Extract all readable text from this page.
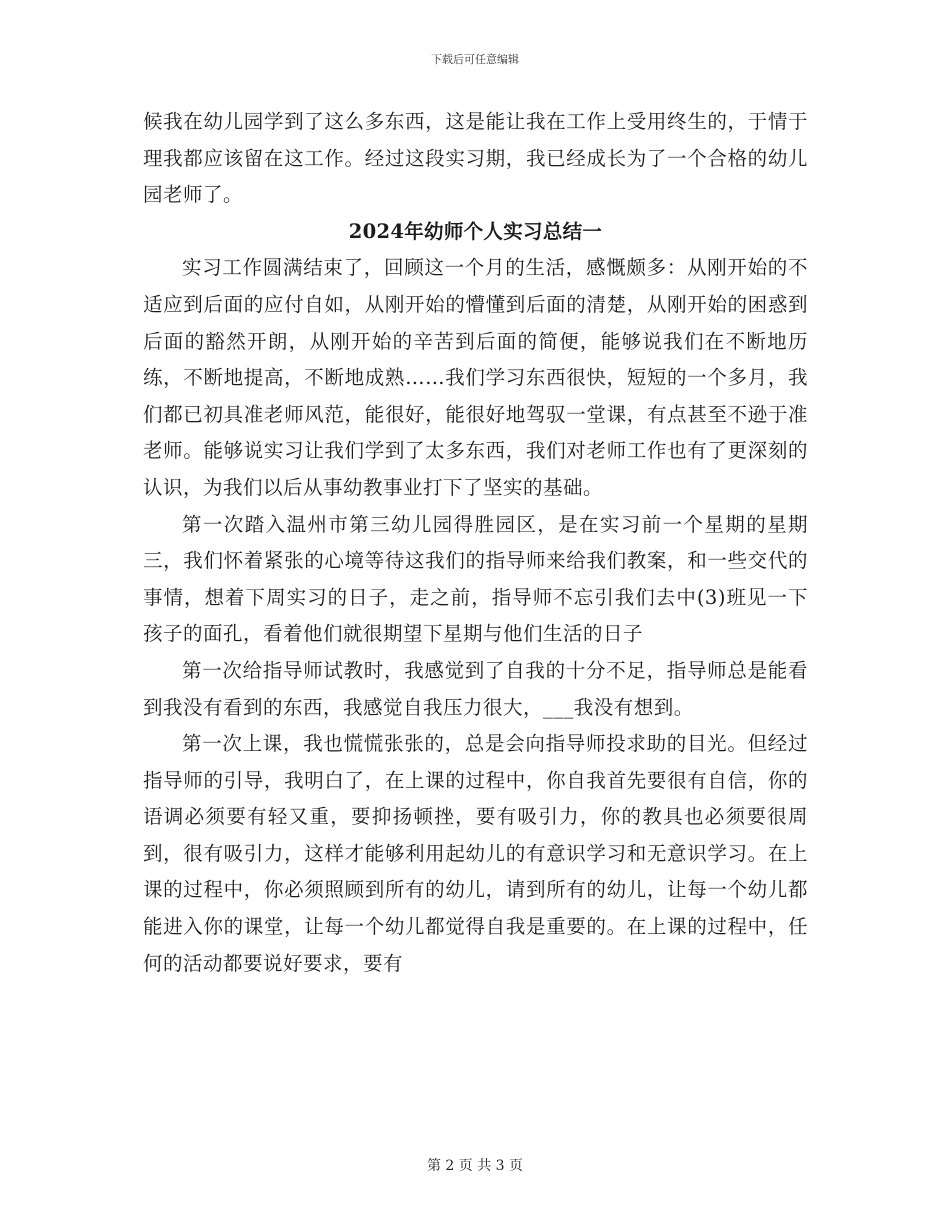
下载后可任意编辑

候我在幼儿园学到了这么多东西，这是能让我在工作上受用终生的，于情于理我都应该留在这工作。经过这段实习期，我已经成长为了一个合格的幼儿园老师了。

2024年幼师个人实习总结一

实习工作圆满结束了，回顾这一个月的生活，感慨颇多：从刚开始的不适应到后面的应付自如，从刚开始的懵懂到后面的清楚，从刚开始的困惑到后面的豁然开朗，从刚开始的辛苦到后面的简便，能够说我们在不断地历练，不断地提高，不断地成熟……我们学习东西很快，短短的一个多月，我们都已初具准老师风范，能很好，能很好地驾驭一堂课，有点甚至不逊于准老师。能够说实习让我们学到了太多东西，我们对老师工作也有了更深刻的认识，为我们以后从事幼教事业打下了坚实的基础。

第一次踏入温州市第三幼儿园得胜园区，是在实习前一个星期的星期三，我们怀着紧张的心境等待这我们的指导师来给我们教案，和一些交代的事情，想着下周实习的日子，走之前，指导师不忘引我们去中(3)班见一下孩子的面孔，看着他们就很期望下星期与他们生活的日子

第一次给指导师试教时，我感觉到了自我的十分不足，指导师总是能看到我没有看到的东西，我感觉自我压力很大，___我没有想到。

第一次上课，我也慌慌张张的，总是会向指导师投求助的目光。但经过指导师的引导，我明白了，在上课的过程中，你自我首先要很有自信，你的语调必须要有轻又重，要抑扬顿挫，要有吸引力，你的教具也必须要很周到，很有吸引力，这样才能够利用起幼儿的有意识学习和无意识学习。在上课的过程中，你必须照顾到所有的幼儿，请到所有的幼儿，让每一个幼儿都能进入你的课堂，让每一个幼儿都觉得自我是重要的。在上课的过程中，任何的活动都要说好要求，要有

第 2 页 共 3 页
